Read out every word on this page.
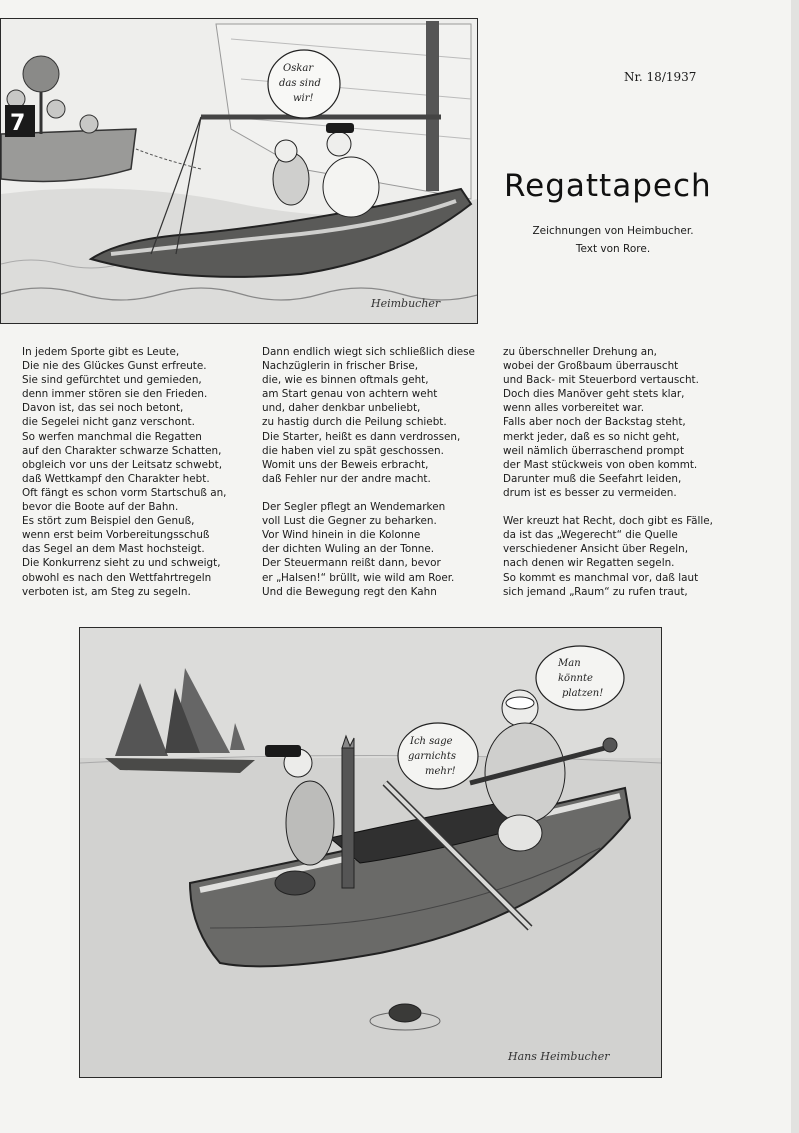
7
Oskar
das sind
wir!
Heimbucher
Nr. 18/1937
Regattapech
Zeichnungen von Heimbucher.
Text von Rore.
In jedem Sporte gibt es Leute,
Die nie des Glückes Gunst erfreute.
Sie sind gefürchtet und gemieden,
denn immer stören sie den Frieden.
Davon ist, das sei noch betont,
die Segelei nicht ganz verschont.
So werfen manchmal die Regatten
auf den Charakter schwarze Schatten,
obgleich vor uns der Leitsatz schwebt,
daß Wettkampf den Charakter hebt.
Oft fängt es schon vorm Startschuß an,
bevor die Boote auf der Bahn.
Es stört zum Beispiel den Genuß,
wenn erst beim Vorbereitungsschuß
das Segel an dem Mast hochsteigt.
Die Konkurrenz sieht zu und schweigt,
obwohl es nach den Wettfahrtregeln
verboten ist, am Steg zu segeln.
Dann endlich wiegt sich schließlich diese
Nachzüglerin in frischer Brise,
die, wie es binnen oftmals geht,
am Start genau von achtern weht
und, daher denkbar unbeliebt,
zu hastig durch die Peilung schiebt.
Die Starter, heißt es dann verdrossen,
die haben viel zu spät geschossen.
Womit uns der Beweis erbracht,
daß Fehler nur der andre macht.
Der Segler pflegt an Wendemarken
voll Lust die Gegner zu beharken.
Vor Wind hinein in die Kolonne
der dichten Wuling an der Tonne.
Der Steuermann reißt dann, bevor
er „Halsen!“ brüllt, wie wild am Roer.
Und die Bewegung regt den Kahn
zu überschneller Drehung an,
wobei der Großbaum überrauscht
und Back- mit Steuerbord vertauscht.
Doch dies Manöver geht stets klar,
wenn alles vorbereitet war.
Falls aber noch der Backstag steht,
merkt jeder, daß es so nicht geht,
weil nämlich überraschend prompt
der Mast stückweis von oben kommt.
Darunter muß die Seefahrt leiden,
drum ist es besser zu vermeiden.
Wer kreuzt hat Recht, doch gibt es Fälle,
da ist das „Wegerecht“ die Quelle
verschiedener Ansicht über Regeln,
nach denen wir Regatten segeln.
So kommt es manchmal vor, daß laut
sich jemand „Raum“ zu rufen traut,
Ich sage
garnichts
mehr!
Man
könnte
platzen!
Hans Heimbucher
